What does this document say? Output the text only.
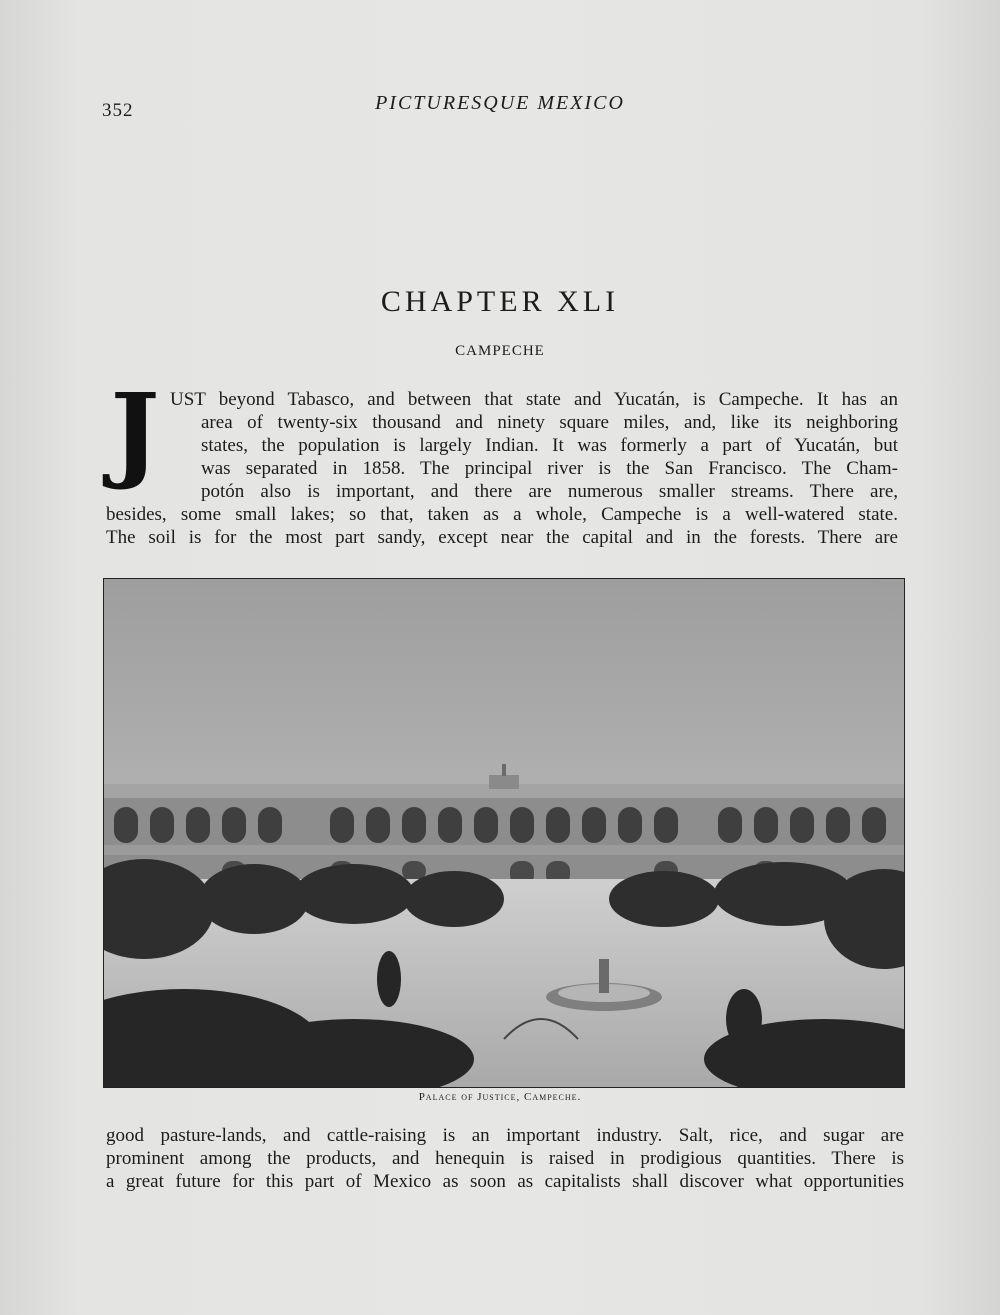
352	PICTURESQUE MEXICO
CHAPTER XLI
CAMPECHE
J UST beyond Tabasco, and between that state and Yucatán, is Campeche. It has an
area of twenty-six thousand and ninety square miles, and, like its neighboring
states, the population is largely Indian. It was formerly a part of Yucatán, but
was separated in 1858. The principal river is the San Francisco. The Cham-
potón also is important, and there are numerous smaller streams. There are,
besides, some small lakes; so that, taken as a whole, Campeche is a well-watered state.
The soil is for the most part sandy, except near the capital and in the forests. There are
Palace of Justice, Campeche.
good pasture-lands, and cattle-raising is an important industry. Salt, rice, and sugar are
prominent among the products, and henequin is raised in prodigious quantities. There is
a great future for this part of Mexico as soon as capitalists shall discover what opportunities
